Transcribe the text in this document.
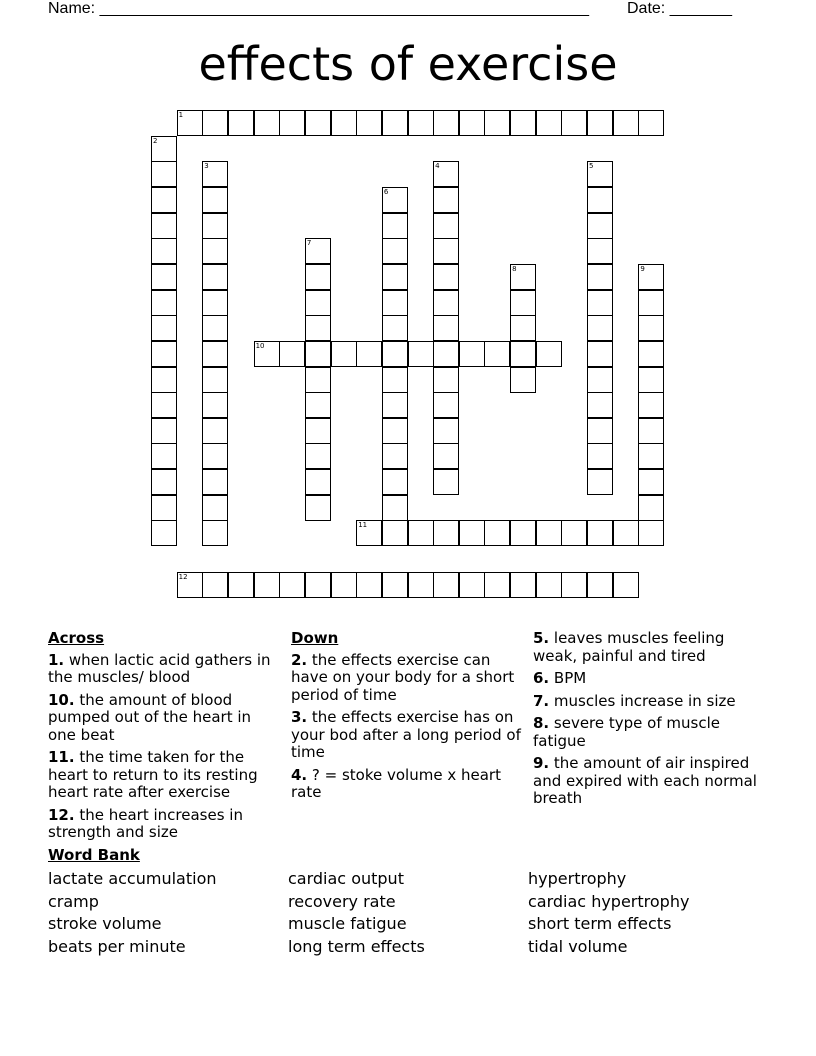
Name: _______________________________________________________ Date: _______
effects of exercise
1
2
3	4	5
6
7
8	9
10
11
12
Across
1. when lactic acid gathers in the muscles/ blood
10. the amount of blood pumped out of the heart in one beat
11. the time taken for the heart to return to its resting heart rate after exercise
12. the heart increases in strength and size
Down
2. the effects exercise can have on your body for a short period of time
3. the effects exercise has on your bod after a long period of time
4. ? = stoke volume x heart rate
5. leaves muscles feeling weak, painful and tired
6. BPM
7. muscles increase in size
8. severe type of muscle fatigue
9. the amount of air inspired and expired with each normal breath
Word Bank
lactate accumulation
cramp
stroke volume
beats per minute
cardiac output
recovery rate
muscle fatigue
long term effects
hypertrophy
cardiac hypertrophy
short term effects
tidal volume
